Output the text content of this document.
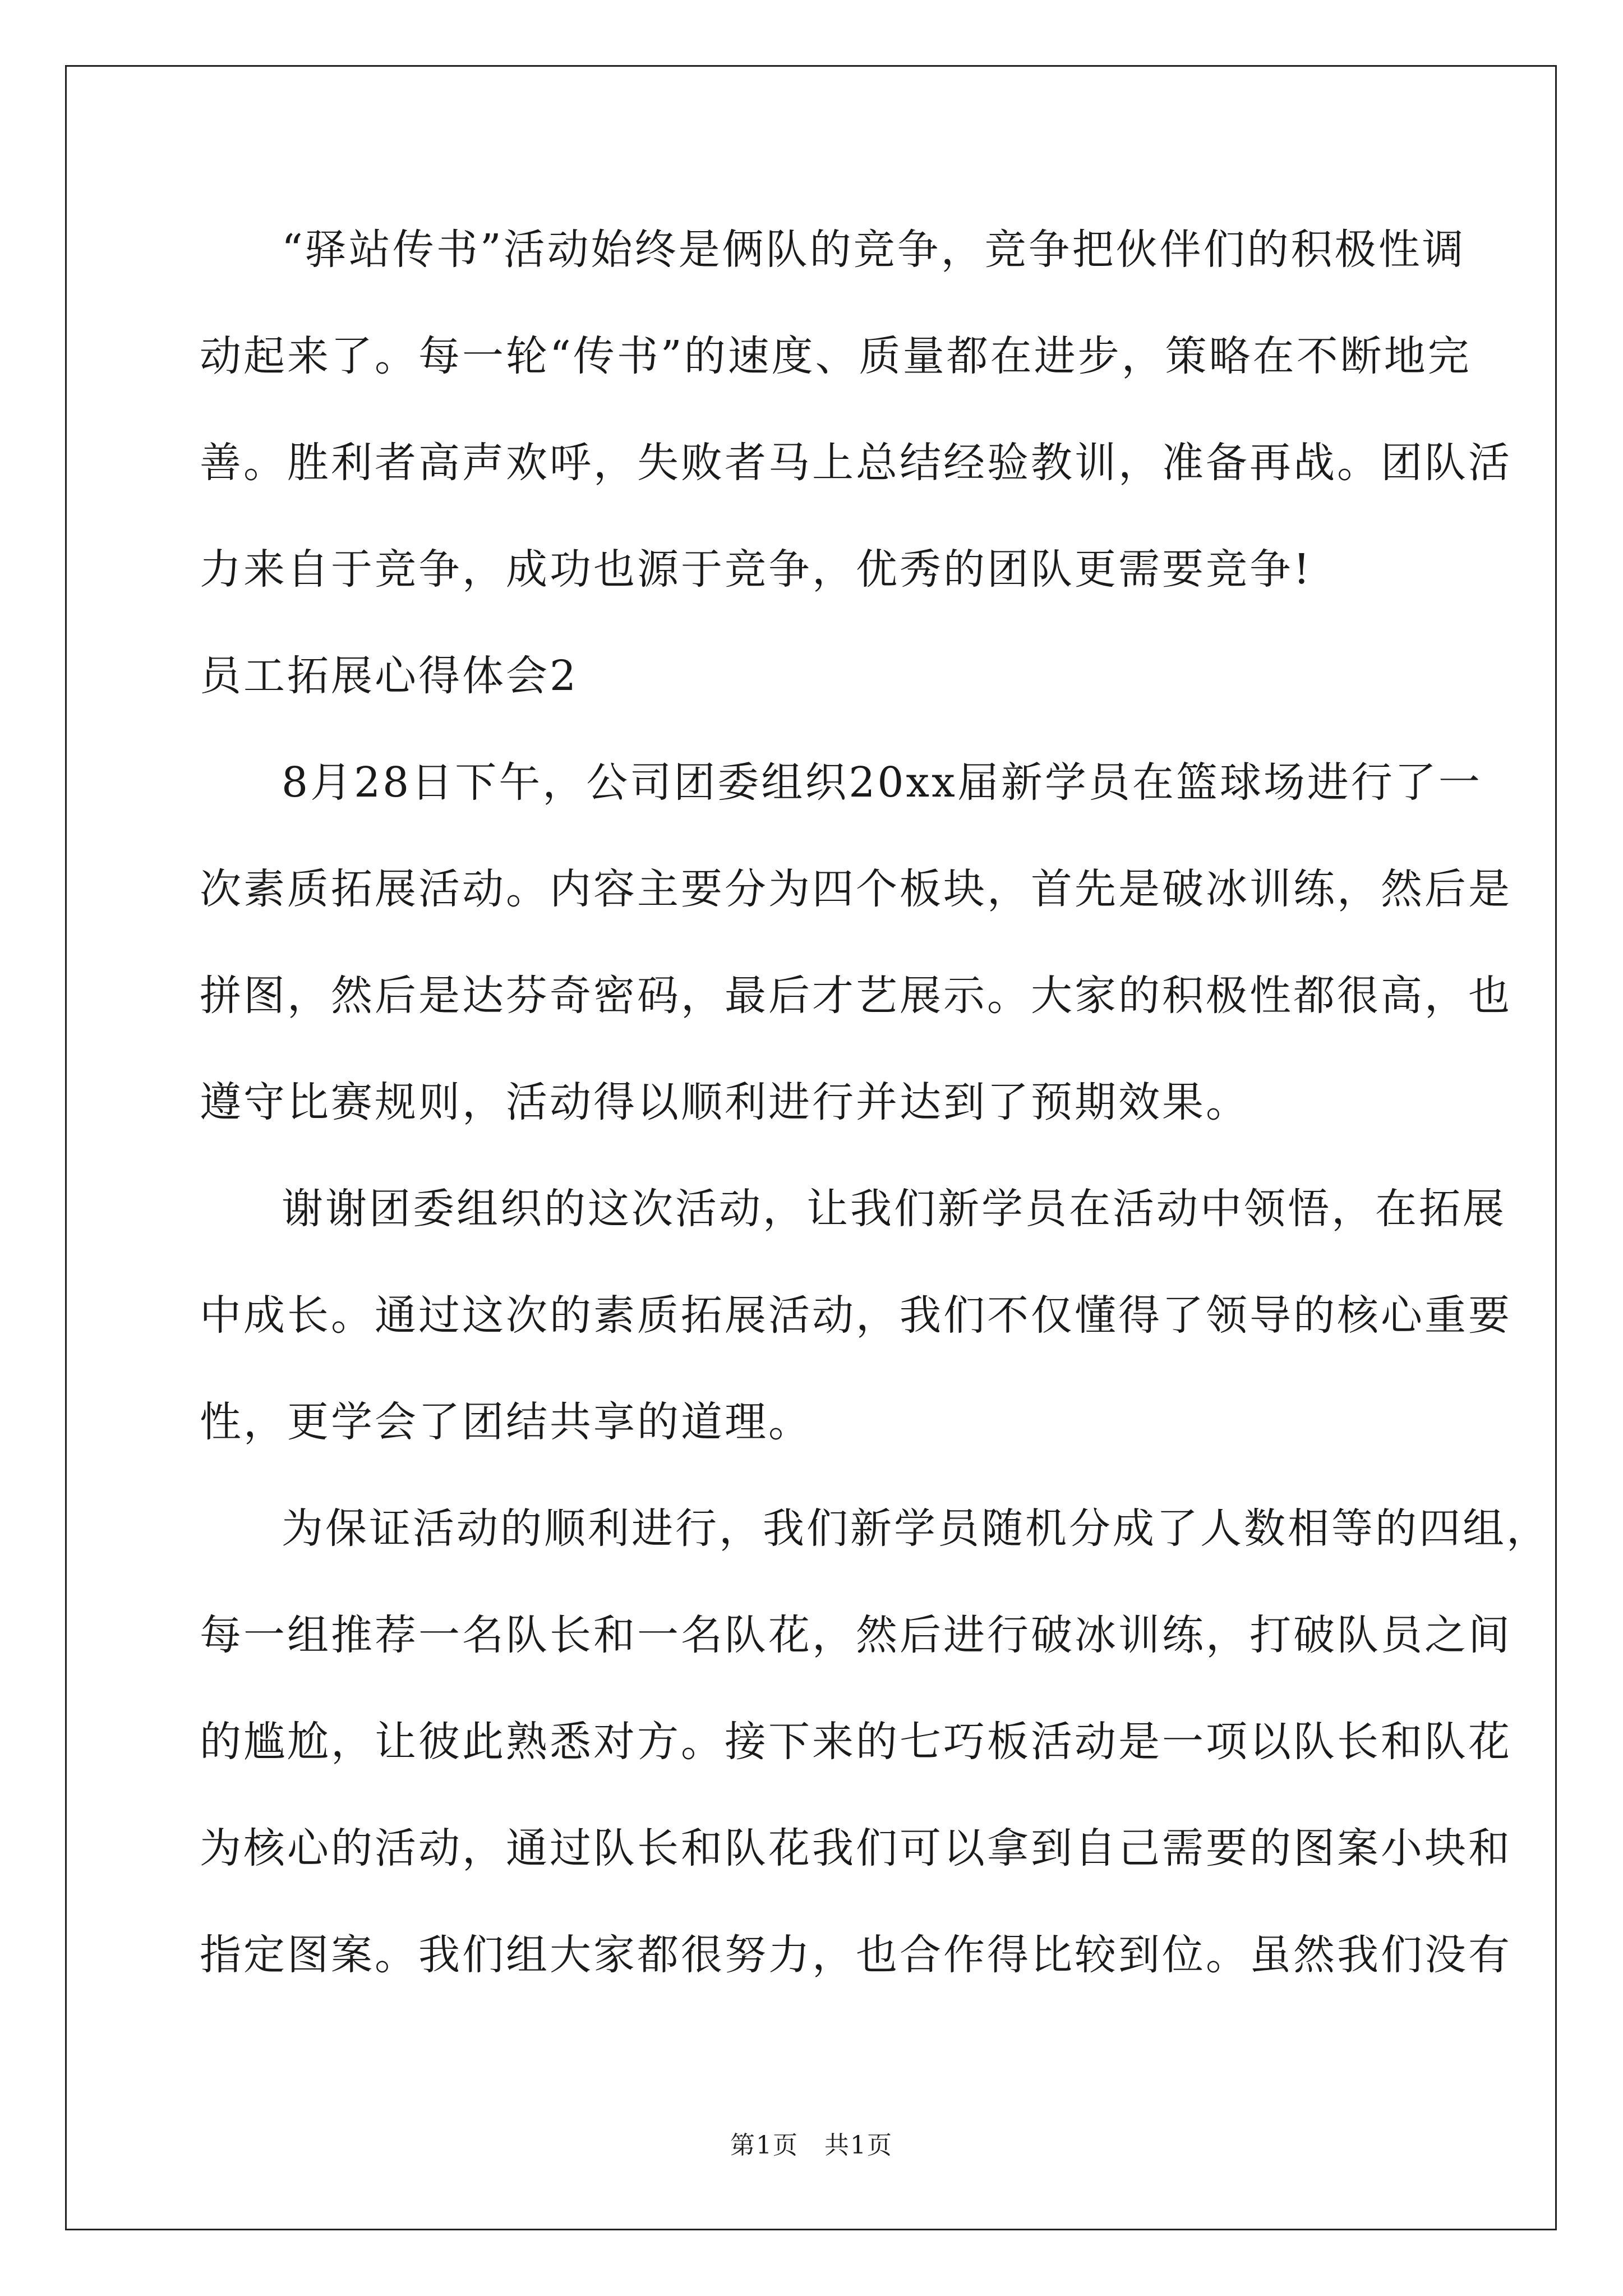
“驿站传书”活动始终是俩队的竞争，竞争把伙伴们的积极性调
动起来了。每一轮“传书”的速度、质量都在进步，策略在不断地完
善。胜利者高声欢呼，失败者马上总结经验教训，准备再战。团队活
力来自于竞争，成功也源于竞争，优秀的团队更需要竞争!
员工拓展心得体会2
8月28日下午，公司团委组织20xx届新学员在篮球场进行了一
次素质拓展活动。内容主要分为四个板块，首先是破冰训练，然后是
拼图，然后是达芬奇密码，最后才艺展示。大家的积极性都很高，也
遵守比赛规则，活动得以顺利进行并达到了预期效果。
谢谢团委组织的这次活动，让我们新学员在活动中领悟，在拓展
中成长。通过这次的素质拓展活动，我们不仅懂得了领导的核心重要
性，更学会了团结共享的道理。
为保证活动的顺利进行，我们新学员随机分成了人数相等的四组，
每一组推荐一名队长和一名队花，然后进行破冰训练，打破队员之间
的尴尬，让彼此熟悉对方。接下来的七巧板活动是一项以队长和队花
为核心的活动，通过队长和队花我们可以拿到自己需要的图案小块和
指定图案。我们组大家都很努力，也合作得比较到位。虽然我们没有
第1页　共1页
